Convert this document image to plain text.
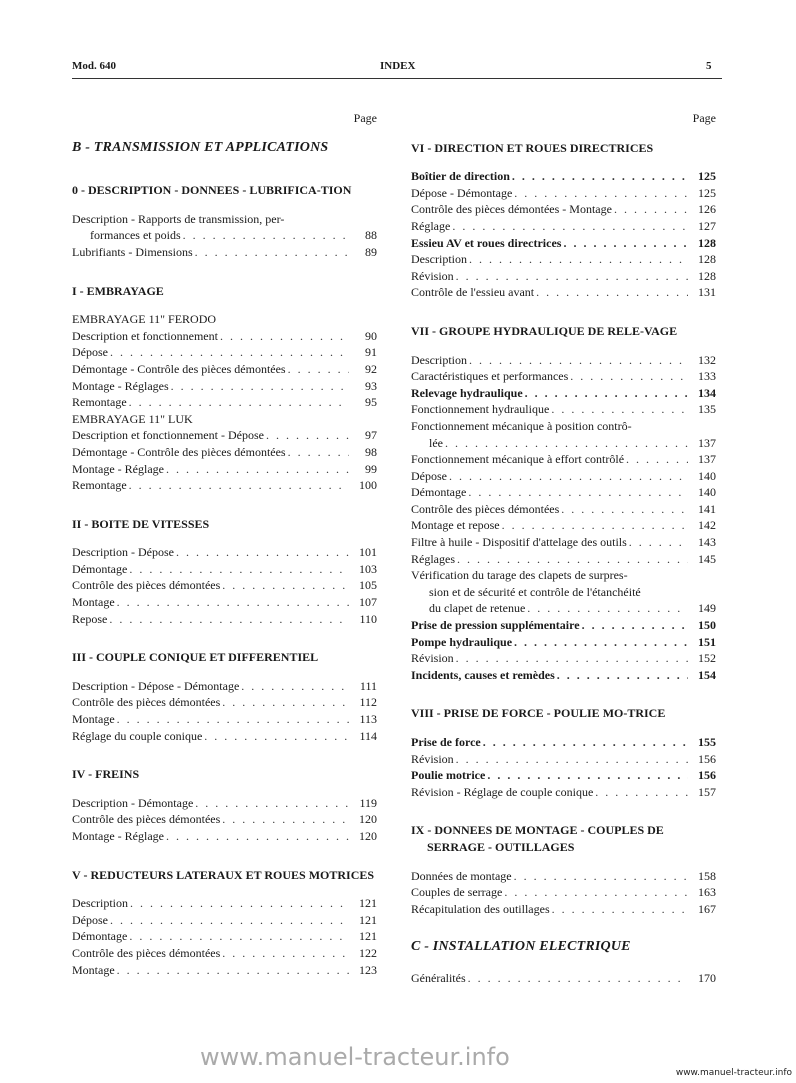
Mod. 640	INDEX	5
Page
B - TRANSMISSION ET APPLICATIONS
0 - DESCRIPTION - DONNEES - LUBRIFICA-TION
Description - Rapports de transmission, per-
formances et poids . . .	88
Lubrifiants - Dimensions . . .	89
I - EMBRAYAGE
EMBRAYAGE 11" FERODO
Description et fonctionnement . . .	90
Dépose . . .	91
Démontage - Contrôle des pièces démontées . . .	92
Montage - Réglages . . .	93
Remontage . . .	95
EMBRAYAGE 11" LUK
Description et fonctionnement - Dépose . . .	97
Démontage - Contrôle des pièces démontées . . .	98
Montage - Réglage . . .	99
Remontage . . .	100
II - BOITE DE VITESSES
Description - Dépose . . .	101
Démontage . . .	103
Contrôle des pièces démontées . . .	105
Montage . . .	107
Repose . . .	110
III - COUPLE CONIQUE ET DIFFERENTIEL
Description - Dépose - Démontage . . .	111
Contrôle des pièces démontées . . .	112
Montage . . .	113
Réglage du couple conique . . .	114
IV - FREINS
Description - Démontage . . .	119
Contrôle des pièces démontées . . .	120
Montage - Réglage . . .	120
V - REDUCTEURS LATERAUX ET ROUES MOTRICES
Description . . .	121
Dépose . . .	121
Démontage . . .	121
Contrôle des pièces démontées . . .	122
Montage . . .	123
Page
VI - DIRECTION ET ROUES DIRECTRICES
Boîtier de direction . . .	125
Dépose - Démontage . . .	125
Contrôle des pièces démontées - Montage . . .	126
Réglage . . .	127
Essieu AV et roues directrices . . .	128
Description . . .	128
Révision . . .	128
Contrôle de l'essieu avant . . .	131
VII - GROUPE HYDRAULIQUE DE RELE-VAGE
Description . . .	132
Caractéristiques et performances . . .	133
Relevage hydraulique . . .	134
Fonctionnement hydraulique . . .	135
Fonctionnement mécanique à position contrô-
lée . . .	137
Fonctionnement mécanique à effort contrôlé . . .	137
Dépose . . .	140
Démontage . . .	140
Contrôle des pièces démontées . . .	141
Montage et repose . . .	142
Filtre à huile - Dispositif d'attelage des outils . . .	143
Réglages . . .	145
Vérification du tarage des clapets de surpres-
sion et de sécurité et contrôle de l'étanchéité
du clapet de retenue . . .	149
Prise de pression supplémentaire . . .	150
Pompe hydraulique . . .	151
Révision . . .	152
Incidents, causes et remèdes . . .	154
VIII - PRISE DE FORCE - POULIE MO-TRICE
Prise de force . . .	155
Révision . . .	156
Poulie motrice . . .	156
Révision - Réglage de couple conique . . .	157
IX - DONNEES DE MONTAGE - COUPLES DE SERRAGE - OUTILLAGES
Données de montage . . .	158
Couples de serrage . . .	163
Récapitulation des outillages . . .	167
C - INSTALLATION ELECTRIQUE
Généralités . . .	170
www.manuel-tracteur.info
www.manuel-tracteur.info
